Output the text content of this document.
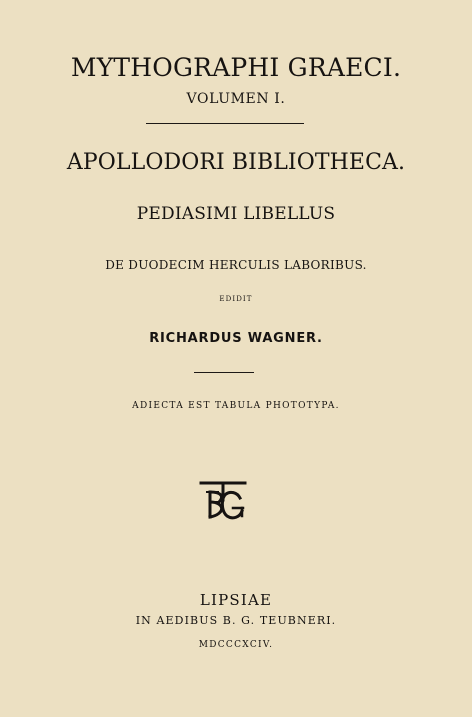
MYTHOGRAPHI GRAECI.
VOLUMEN I.
APOLLODORI BIBLIOTHECA.
PEDIASIMI LIBELLUS
DE DUODECIM HERCULIS LABORIBUS.
EDIDIT
RICHARDUS WAGNER.
ADIECTA EST TABULA PHOTOTYPA.
LIPSIAE
IN AEDIBUS B. G. TEUBNERI.
MDCCCXCIV.
